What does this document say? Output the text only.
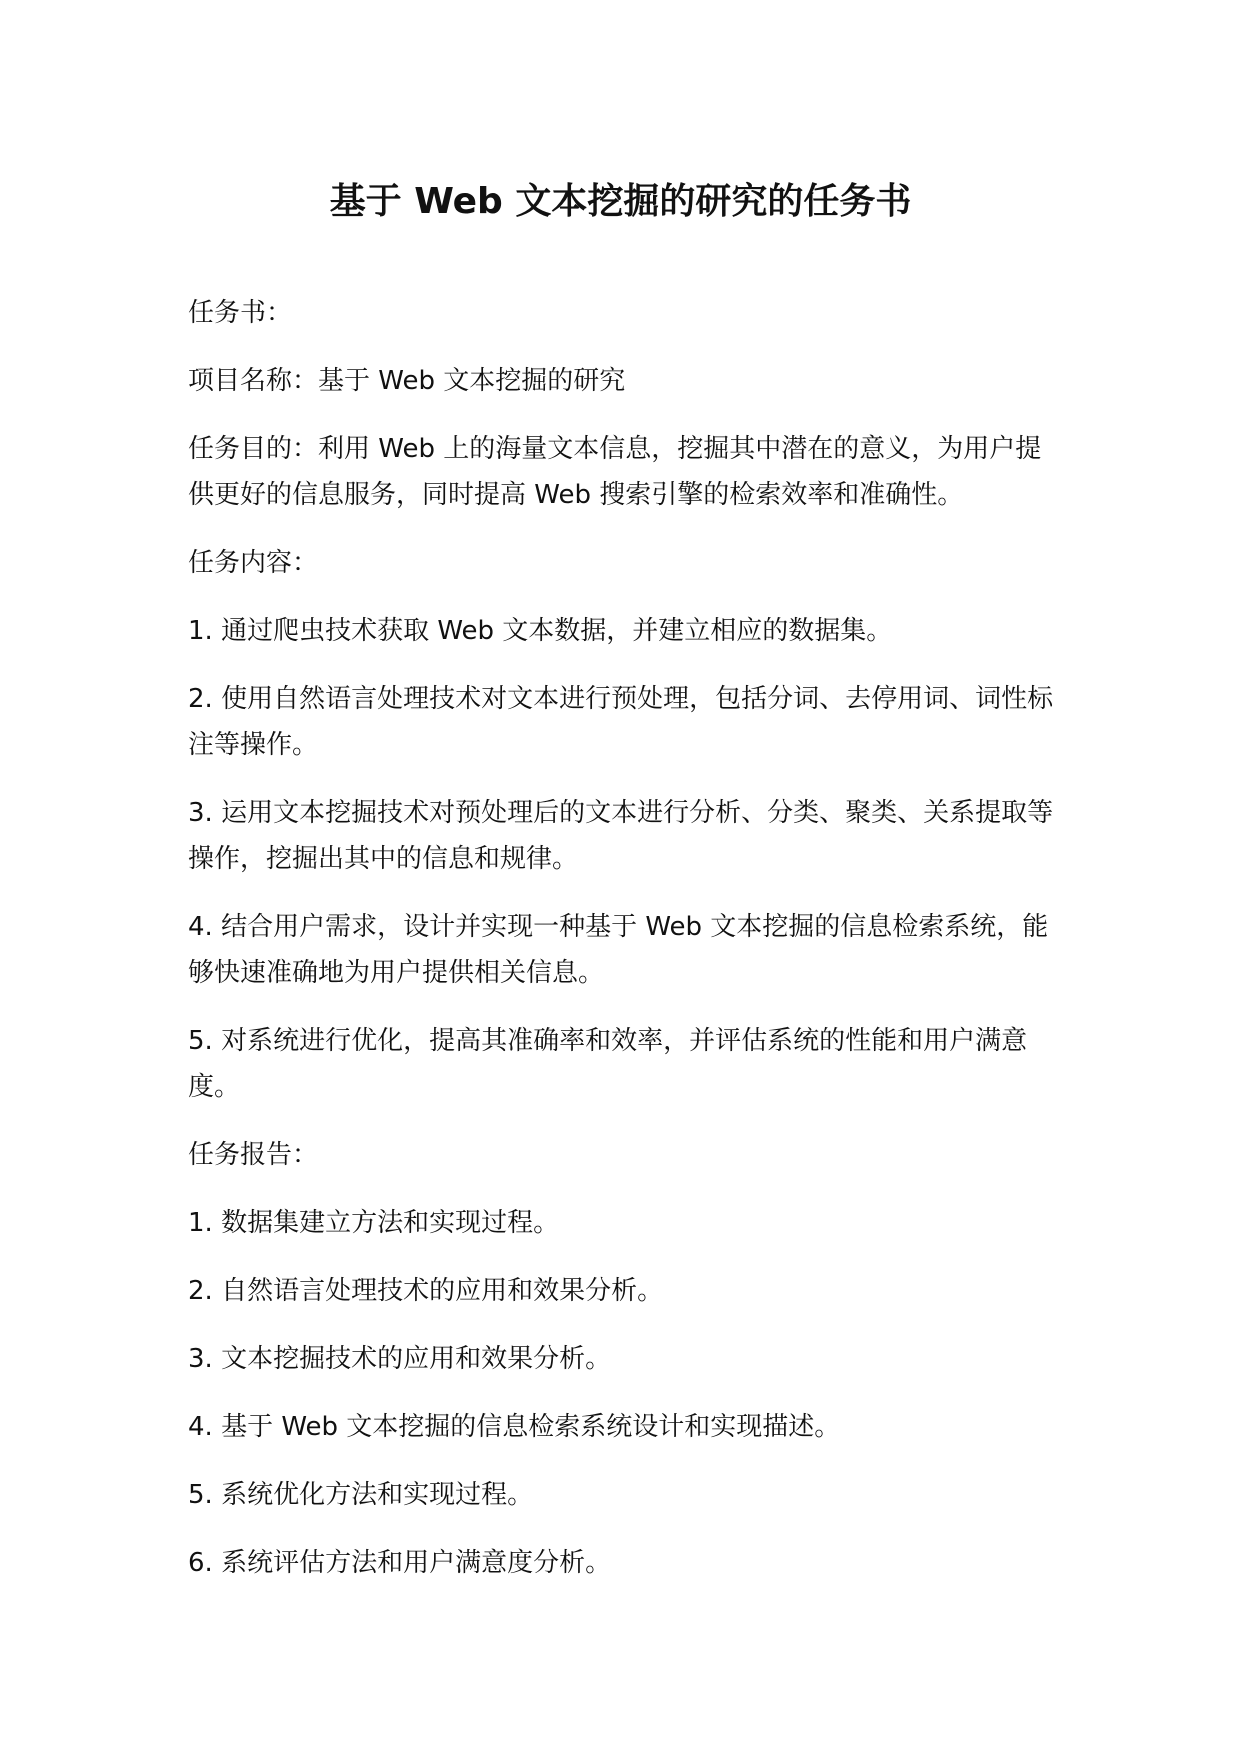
基于 Web 文本挖掘的研究的任务书

任务书：

项目名称：基于 Web 文本挖掘的研究

任务目的：利用 Web 上的海量文本信息，挖掘其中潜在的意义，为用户提供更好的信息服务，同时提高 Web 搜索引擎的检索效率和准确性。

任务内容：

1. 通过爬虫技术获取 Web 文本数据，并建立相应的数据集。

2. 使用自然语言处理技术对文本进行预处理，包括分词、去停用词、词性标注等操作。

3. 运用文本挖掘技术对预处理后的文本进行分析、分类、聚类、关系提取等操作，挖掘出其中的信息和规律。

4. 结合用户需求，设计并实现一种基于 Web 文本挖掘的信息检索系统，能够快速准确地为用户提供相关信息。

5. 对系统进行优化，提高其准确率和效率，并评估系统的性能和用户满意度。

任务报告：

1. 数据集建立方法和实现过程。

2. 自然语言处理技术的应用和效果分析。

3. 文本挖掘技术的应用和效果分析。

4. 基于 Web 文本挖掘的信息检索系统设计和实现描述。

5. 系统优化方法和实现过程。

6. 系统评估方法和用户满意度分析。
